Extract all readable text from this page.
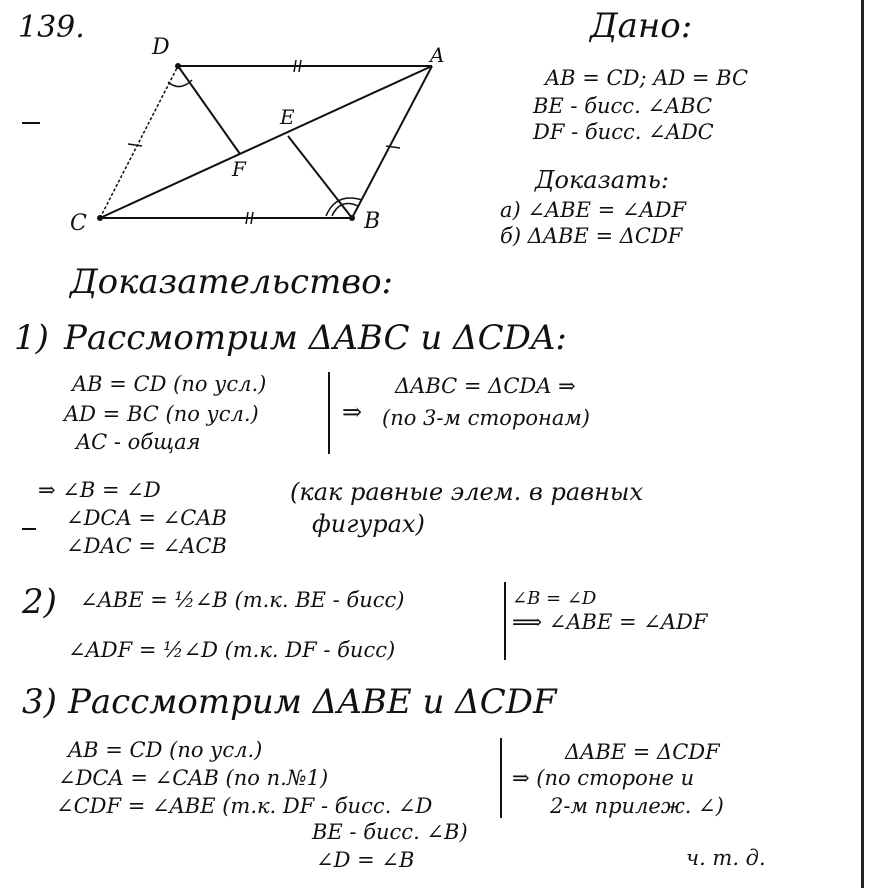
139.
D	A
C	B
E
F
Дано:
AB = CD; AD = BC
BE - бисс. ∠ABC
DF - бисс. ∠ADC
Доказать:
а) ∠ABE = ∠ADF
б) ΔABE = ΔCDF
Доказательство:
1) Рассмотрим ΔABC и ΔCDA:
AB = CD (по усл.)
AD = BC (по усл.)
AC - общая
⇒
ΔABC = ΔCDA ⇒
(по 3-м сторонам)
⇒ ∠B = ∠D
∠DCA = ∠CAB
∠DAC = ∠ACB
(как равные элем. в равных
фигурах)
2) ∠ABE = ½∠B (т.к. BE - бисс)
∠ADF = ½∠D (т.к. DF - бисс)
∠B = ∠D
⟹ ∠ABE = ∠ADF
3) Рассмотрим ΔABE и ΔCDF
AB = CD (по усл.)
∠DCA = ∠CAB (по п.№1)
∠CDF = ∠ABE (т.к. DF - бисс. ∠D
BE - бисс. ∠B)
∠D = ∠B
ΔABE = ΔCDF
⇒ (по стороне и
2-м прилеж. ∠)
ч. т. д.
